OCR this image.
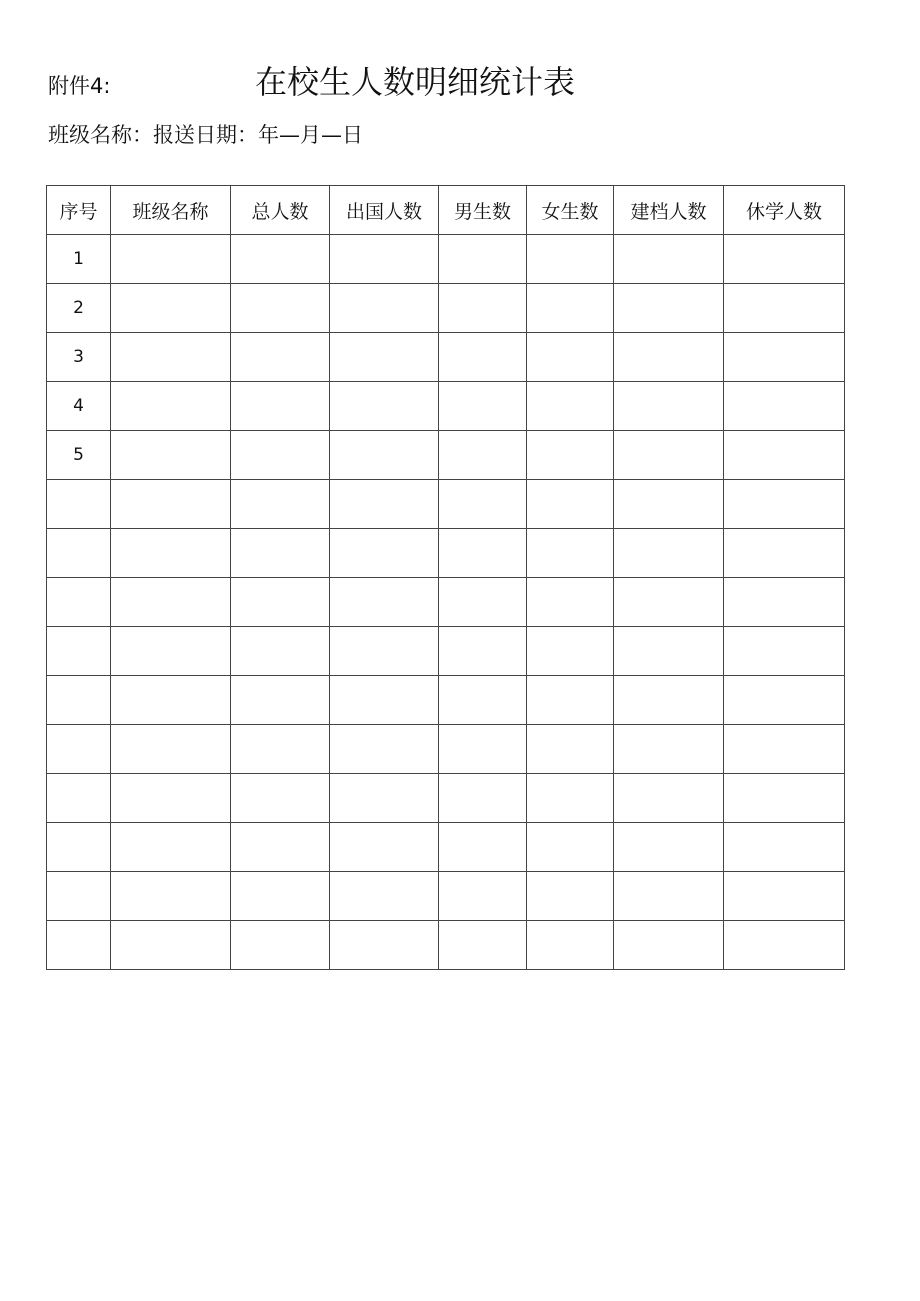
附件4:	在校生人数明细统计表
班级名称：报送日期：年—月—日
序号	班级名称	总人数	出国人数	男生数	女生数	建档人数	休学人数
1							
2							
3							
4							
5							
